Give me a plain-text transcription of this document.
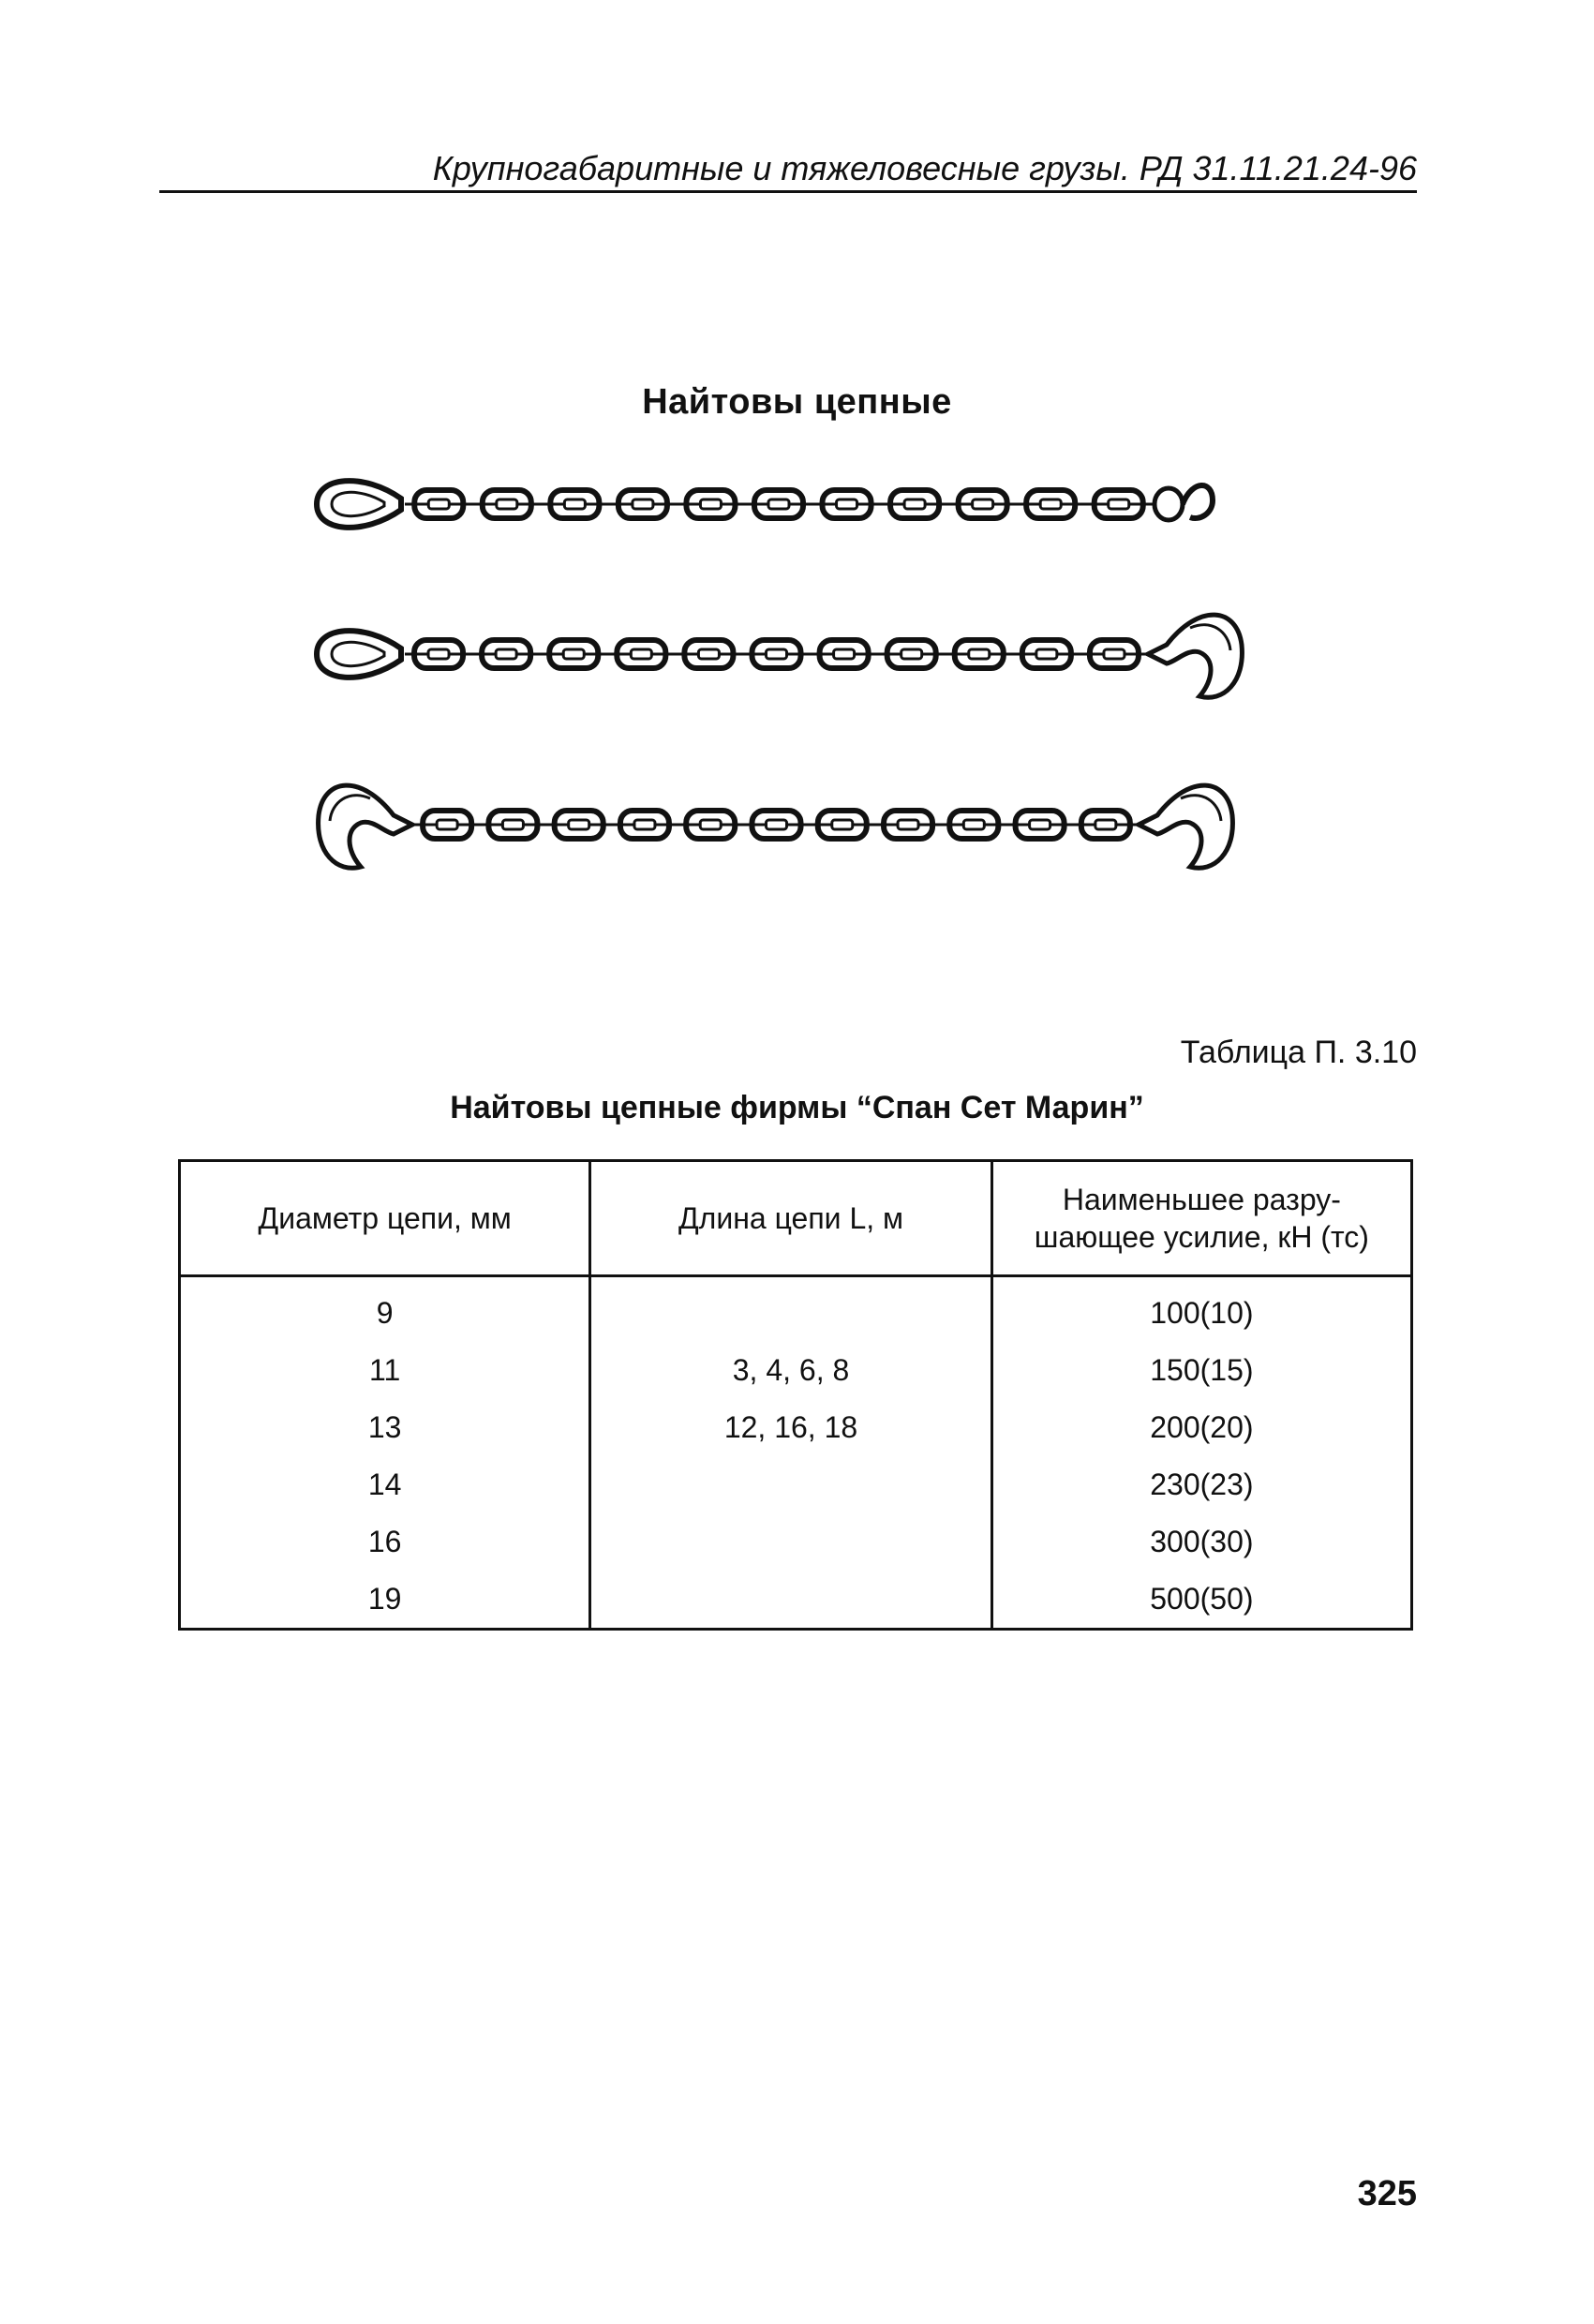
Крупногабаритные и тяжеловесные грузы. РД 31.11.21.24-96
Найтовы цепные
Таблица П. 3.10
Найтовы цепные фирмы “Спан Сет Марин”
Диаметр цепи, мм	Длина цепи L, м	Наименьшее разру-
шающее усилие, кН (тс)
9		100(10)
11	3, 4, 6, 8	150(15)
13	12, 16, 18	200(20)
14		230(23)
16		300(30)
19		500(50)
325
